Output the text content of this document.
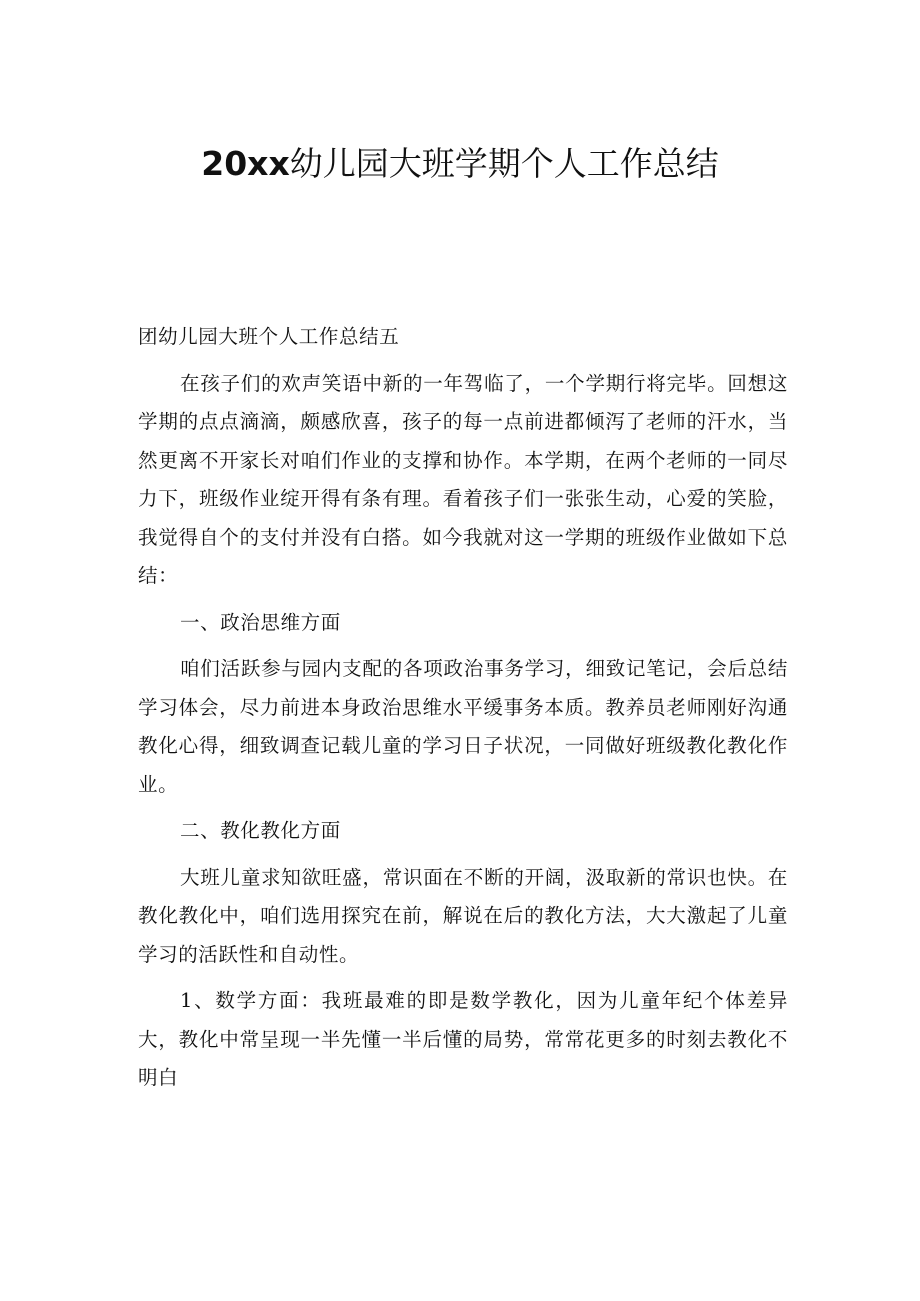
20xx幼儿园大班学期个人工作总结

团幼儿园大班个人工作总结五

在孩子们的欢声笑语中新的一年驾临了，一个学期行将完毕。回想这学期的点点滴滴，颇感欣喜，孩子的每一点前进都倾泻了老师的汗水，当然更离不开家长对咱们作业的支撑和协作。本学期，在两个老师的一同尽力下，班级作业绽开得有条有理。看着孩子们一张张生动，心爱的笑脸，我觉得自个的支付并没有白搭。如今我就对这一学期的班级作业做如下总结：

一、政治思维方面

咱们活跃参与园内支配的各项政治事务学习，细致记笔记，会后总结学习体会，尽力前进本身政治思维水平缓事务本质。教养员老师刚好沟通教化心得，细致调查记载儿童的学习日子状况，一同做好班级教化教化作业。

二、教化教化方面

大班儿童求知欲旺盛，常识面在不断的开阔，汲取新的常识也快。在教化教化中，咱们选用探究在前，解说在后的教化方法，大大激起了儿童学习的活跃性和自动性。

1、数学方面：我班最难的即是数学教化，因为儿童年纪个体差异大，教化中常呈现一半先懂一半后懂的局势，常常花更多的时刻去教化不明白
